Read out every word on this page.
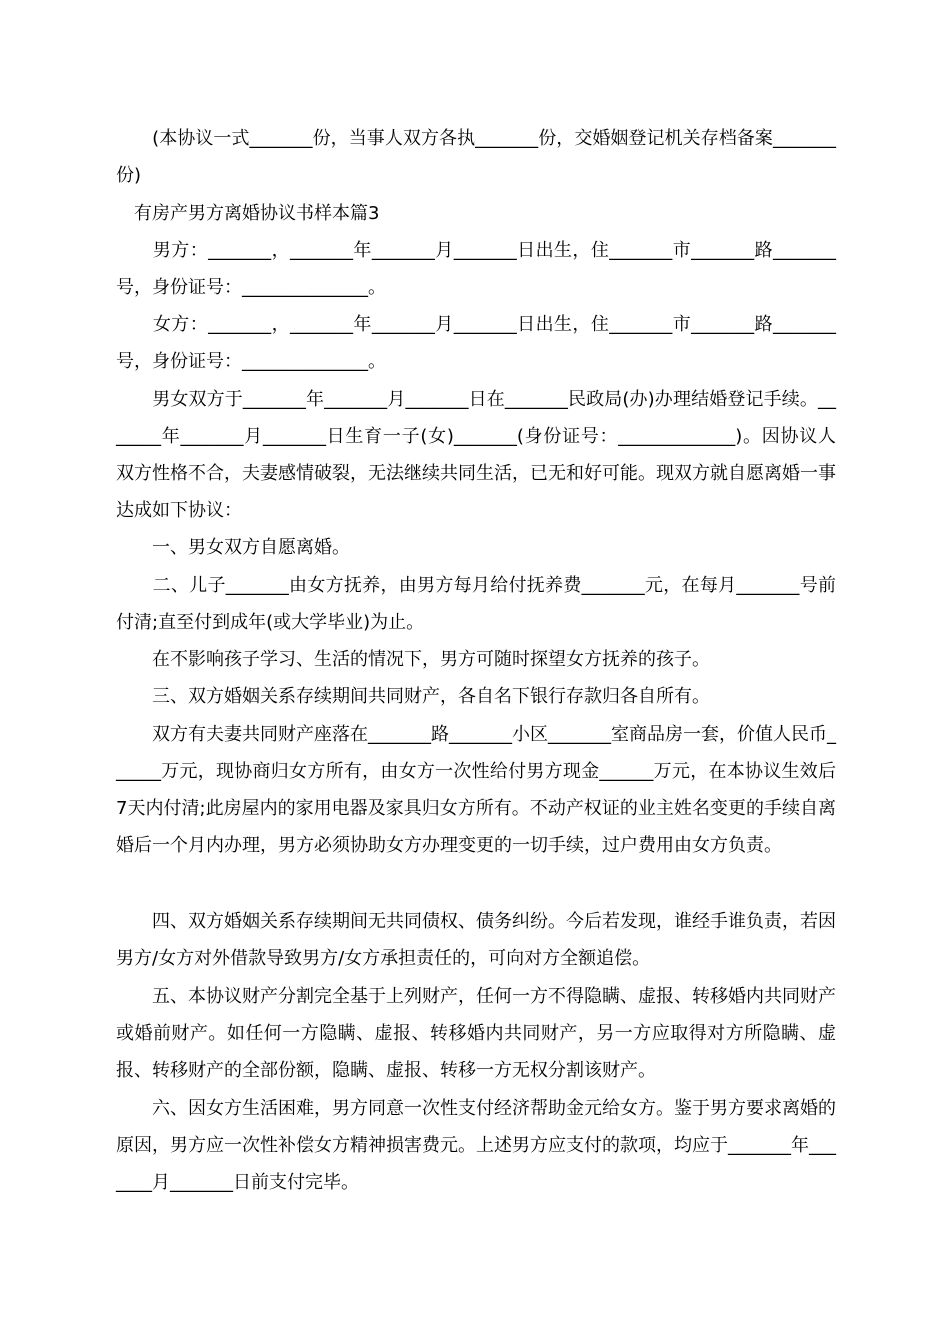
　　(本协议一式_______份，当事人双方各执_______份，交婚姻登记机关存档备案_______份)

有房产男方离婚协议书样本篇3

　　男方：_______，_______年_______月_______日出生，住_______市_______路_______号，身份证号：______________。

　　女方：_______，_______年_______月_______日出生，住_______市_______路_______号，身份证号：______________。

　　男女双方于_______年_______月_______日在_______民政局(办)办理结婚登记手续。_______年_______月_______日生育一子(女)_______(身份证号：_____________)。因协议人双方性格不合，夫妻感情破裂，无法继续共同生活，已无和好可能。现双方就自愿离婚一事达成如下协议：

　　一、男女双方自愿离婚。

　　二、儿子_______由女方抚养，由男方每月给付抚养费_______元，在每月_______号前付清;直至付到成年(或大学毕业)为止。

　　在不影响孩子学习、生活的情况下，男方可随时探望女方抚养的孩子。

　　三、双方婚姻关系存续期间共同财产，各自名下银行存款归各自所有。

　　双方有夫妻共同财产座落在_______路_______小区_______室商品房一套，价值人民币______万元，现协商归女方所有，由女方一次性给付男方现金______万元，在本协议生效后7天内付清;此房屋内的家用电器及家具归女方所有。不动产权证的业主姓名变更的手续自离婚后一个月内办理，男方必须协助女方办理变更的一切手续，过户费用由女方负责。

　　四、双方婚姻关系存续期间无共同债权、债务纠纷。今后若发现，谁经手谁负责，若因男方/女方对外借款导致男方/女方承担责任的，可向对方全额追偿。

　　五、本协议财产分割完全基于上列财产，任何一方不得隐瞒、虚报、转移婚内共同财产或婚前财产。如任何一方隐瞒、虚报、转移婚内共同财产，另一方应取得对方所隐瞒、虚报、转移财产的全部份额，隐瞒、虚报、转移一方无权分割该财产。

　　六、因女方生活困难，男方同意一次性支付经济帮助金元给女方。鉴于男方要求离婚的原因，男方应一次性补偿女方精神损害费元。上述男方应支付的款项，均应于_______年_______月_______日前支付完毕。
